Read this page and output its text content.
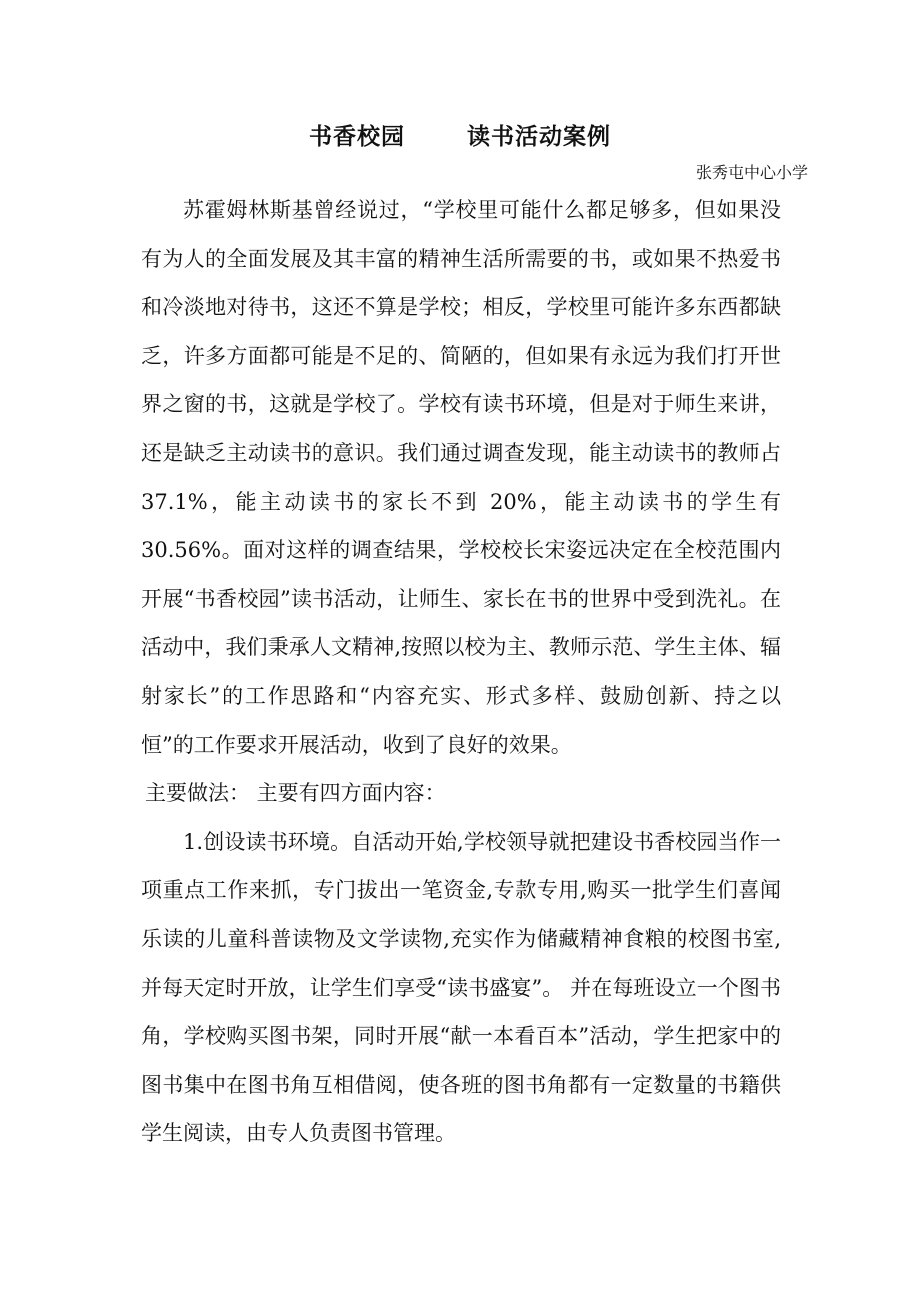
书香校园	读书活动案例
张秀屯中心小学

苏霍姆林斯基曾经说过，“学校里可能什么都足够多，但如果没有为人的全面发展及其丰富的精神生活所需要的书，或如果不热爱书和冷淡地对待书，这还不算是学校；相反，学校里可能许多东西都缺乏，许多方面都可能是不足的、简陋的，但如果有永远为我们打开世界之窗的书，这就是学校了。学校有读书环境，但是对于师生来讲，还是缺乏主动读书的意识。我们通过调查发现，能主动读书的教师占 37.1%，能主动读书的家长不到 20%，能主动读书的学生有 30.56%。面对这样的调查结果，学校校长宋姿远决定在全校范围内开展“书香校园”读书活动，让师生、家长在书的世界中受到洗礼。在活动中，我们秉承人文精神,按照以校为主、教师示范、学生主体、辐射家长”的工作思路和“内容充实、形式多样、鼓励创新、持之以恒”的工作要求开展活动，收到了良好的效果。

主要做法： 主要有四方面内容：

1.创设读书环境。自活动开始,学校领导就把建设书香校园当作一项重点工作来抓，专门拔出一笔资金,专款专用,购买一批学生们喜闻乐读的儿童科普读物及文学读物,充实作为储藏精神食粮的校图书室,并每天定时开放，让学生们享受“读书盛宴”。 并在每班设立一个图书角，学校购买图书架，同时开展“献一本看百本”活动，学生把家中的图书集中在图书角互相借阅，使各班的图书角都有一定数量的书籍供学生阅读，由专人负责图书管理。
